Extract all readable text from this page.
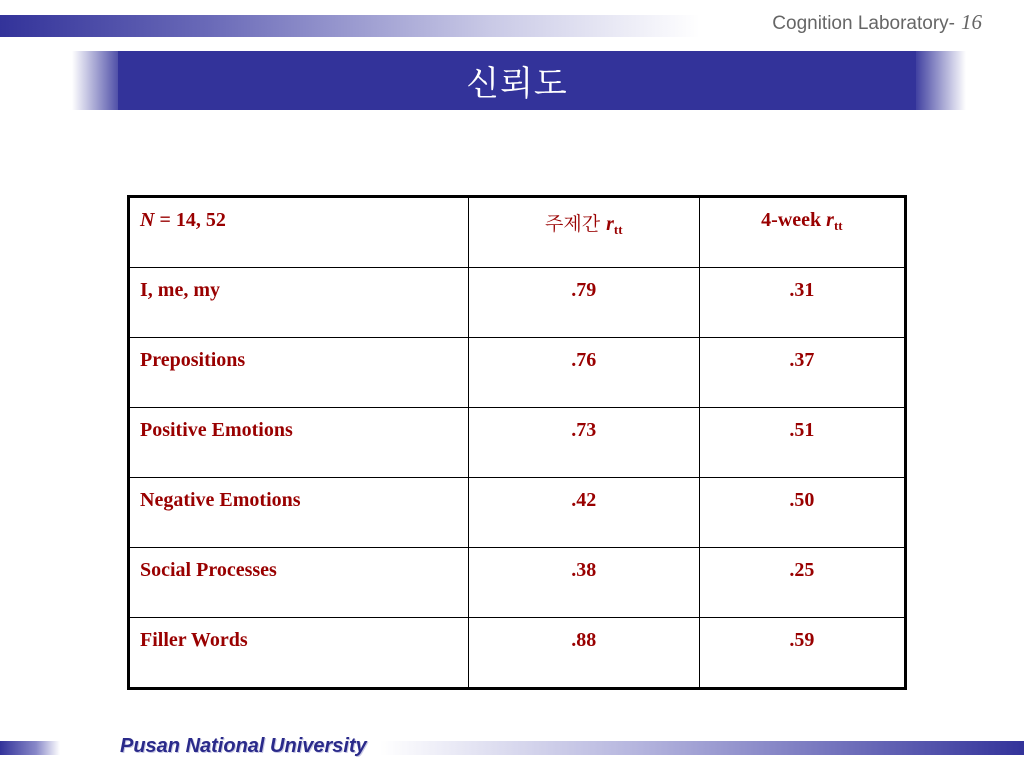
Cognition Laboratory- 16
신뢰도
N = 14, 52	주제간 $r_{tt}$	4-week $r_{tt}$
I, me, my	.79	.31
Prepositions	.76	.37
Positive Emotions	.73	.51
Negative Emotions	.42	.50
Social Processes	.38	.25
Filler Words	.88	.59
Pusan National University
